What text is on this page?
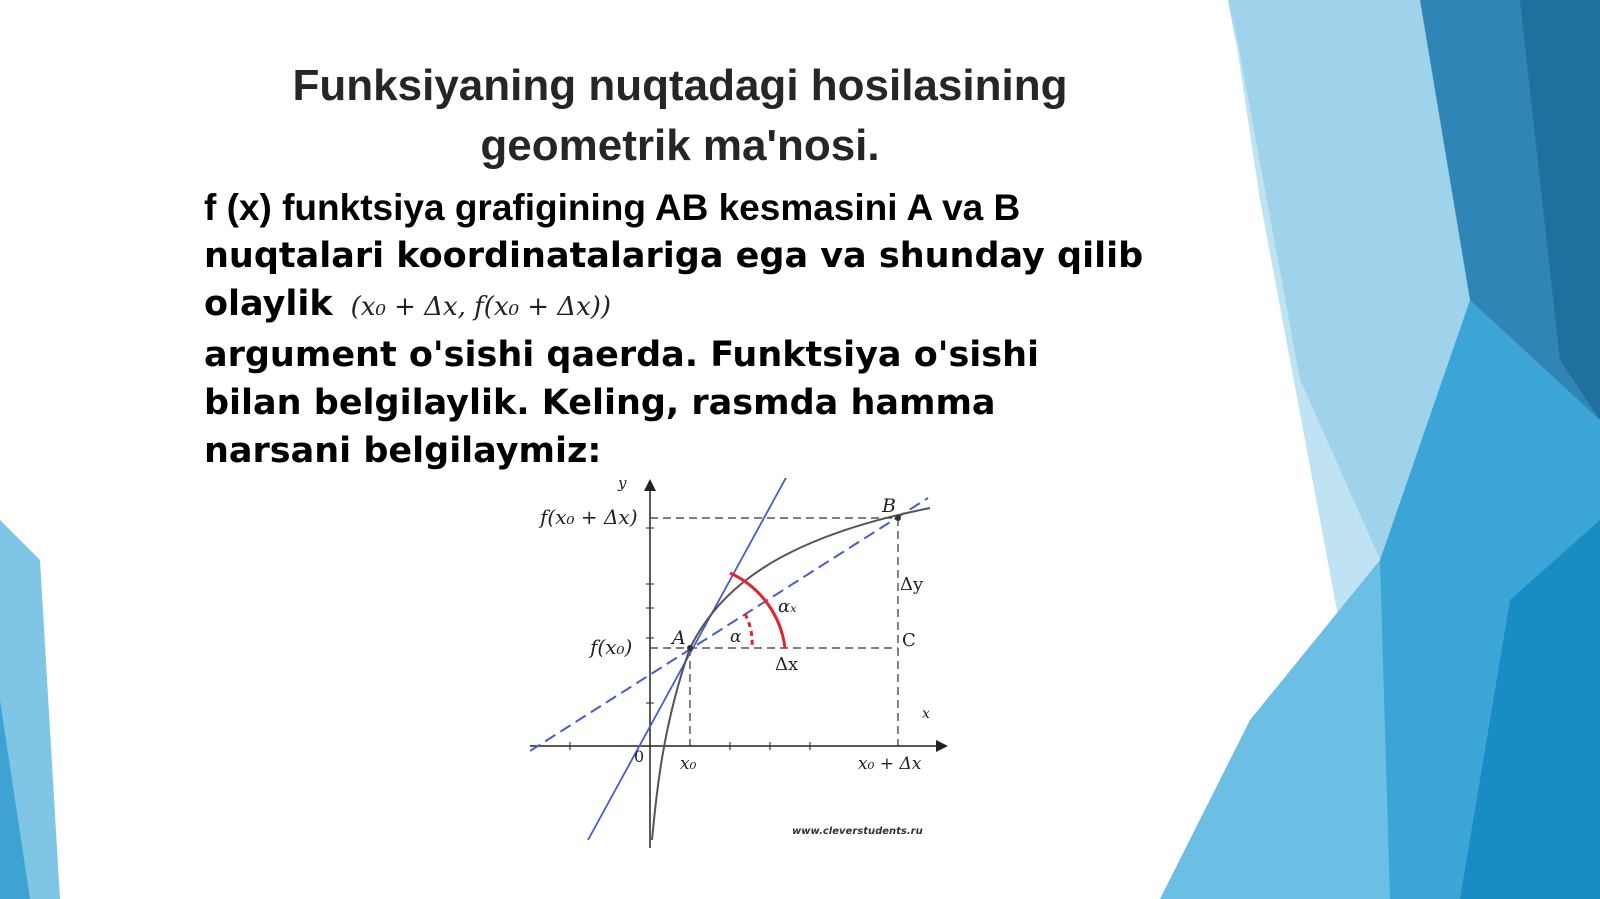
Funksiyaning nuqtadagi hosilasining
geometrik ma'nosi.
f (x) funktsiya grafigining AB kesmasini A va B
nuqtalari koordinatalariga ega va shunday qilib
olaylik (x₀ + Δx, f(x₀ + Δx))
argument o'sishi qaerda. Funktsiya o'sishi
bilan belgilaylik. Keling, rasmda hamma
narsani belgilaymiz:
y
x
f(x₀ + Δx)
f(x₀) A
B
αₓ
α
x₀	x₀ + Δx
Δy
C
Δx
0
www.cleverstudents.ru
